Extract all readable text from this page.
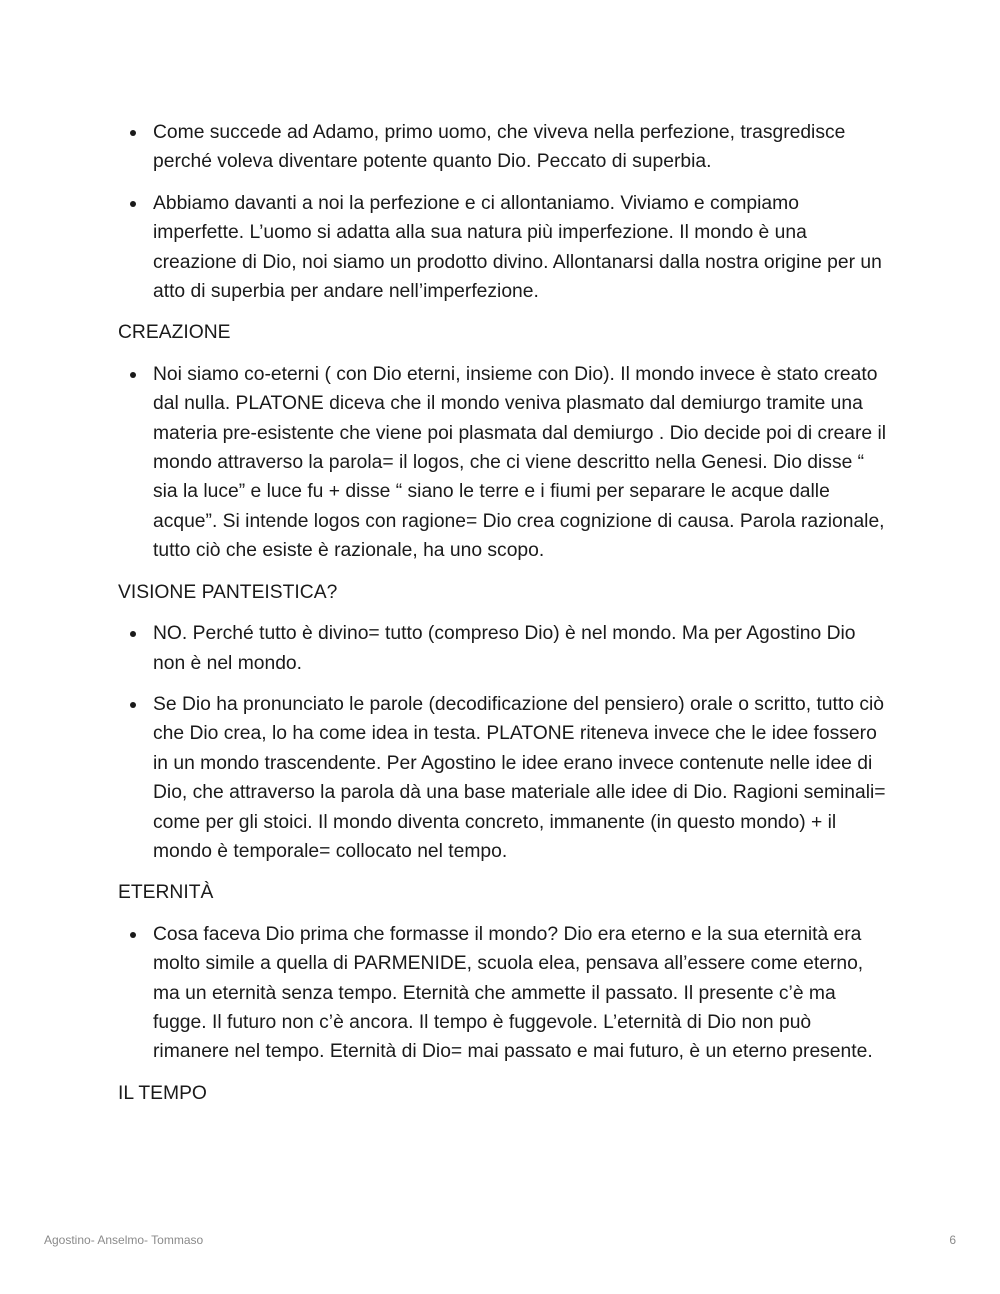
Come succede ad Adamo, primo uomo, che viveva nella perfezione, trasgredisce perché voleva diventare potente quanto Dio. Peccato di superbia.
Abbiamo davanti a noi la perfezione e ci allontaniamo. Viviamo e compiamo imperfette. L’uomo si adatta alla sua natura più imperfezione. Il mondo è una creazione di Dio, noi siamo un prodotto divino. Allontanarsi dalla nostra origine per un atto di superbia per andare nell’imperfezione.

CREAZIONE

Noi siamo co-eterni ( con Dio eterni, insieme con Dio). Il mondo invece è stato creato dal nulla. PLATONE diceva che il mondo veniva plasmato dal demiurgo tramite una materia pre-esistente che viene poi plasmata dal demiurgo . Dio decide poi di creare il mondo attraverso la parola= il logos, che ci viene descritto nella Genesi. Dio disse “ sia la luce” e luce fu + disse “ siano le terre e i fiumi per separare le acque dalle acque”. Si intende logos con ragione= Dio crea cognizione di causa. Parola razionale, tutto ciò che esiste è razionale, ha uno scopo.

VISIONE PANTEISTICA?

NO. Perché tutto è divino= tutto (compreso Dio) è nel mondo. Ma per Agostino Dio non è nel mondo.
Se Dio ha pronunciato le parole (decodificazione del pensiero) orale o scritto, tutto ciò che Dio crea, lo ha come idea in testa. PLATONE riteneva invece che le idee fossero in un mondo trascendente. Per Agostino le idee erano invece contenute nelle idee di Dio, che attraverso la parola dà una base materiale alle idee di Dio. Ragioni seminali= come per gli stoici. Il mondo diventa concreto, immanente (in questo mondo) + il mondo è temporale= collocato nel tempo.

ETERNITÀ

Cosa faceva Dio prima che formasse il mondo? Dio era eterno e la sua eternità era molto simile a quella di PARMENIDE, scuola elea, pensava all’essere come eterno, ma un eternità senza tempo. Eternità che ammette il passato. Il presente c’è ma fugge. Il futuro non c’è ancora. Il tempo è fuggevole. L’eternità di Dio non può rimanere nel tempo. Eternità di Dio= mai passato e mai futuro, è un eterno presente.

IL TEMPO

Agostino- Anselmo- Tommaso	6
